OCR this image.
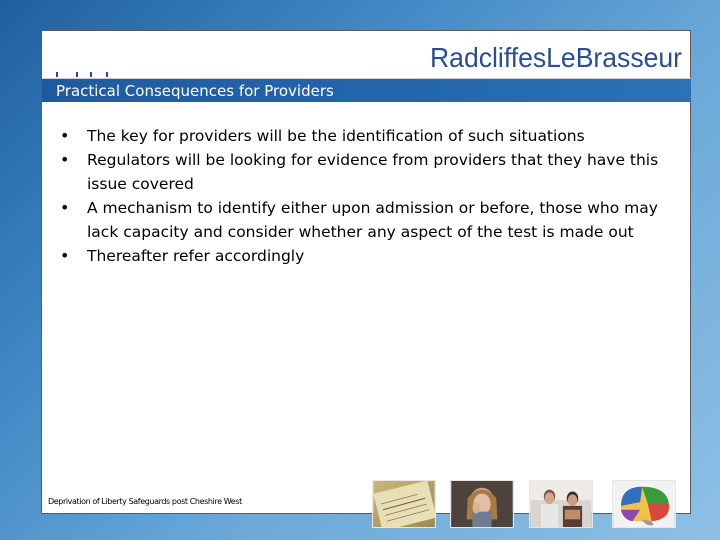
RadcliffesLeBrasseur
Practical Consequences for Providers
• The key for providers will be the identification of such situations
• Regulators will be looking for evidence from providers that they have this issue covered
• A mechanism to identify either upon admission or before, those who may lack capacity and consider whether any aspect of the test is made out
• Thereafter refer accordingly
Deprivation of Liberty Safeguards post Cheshire West
